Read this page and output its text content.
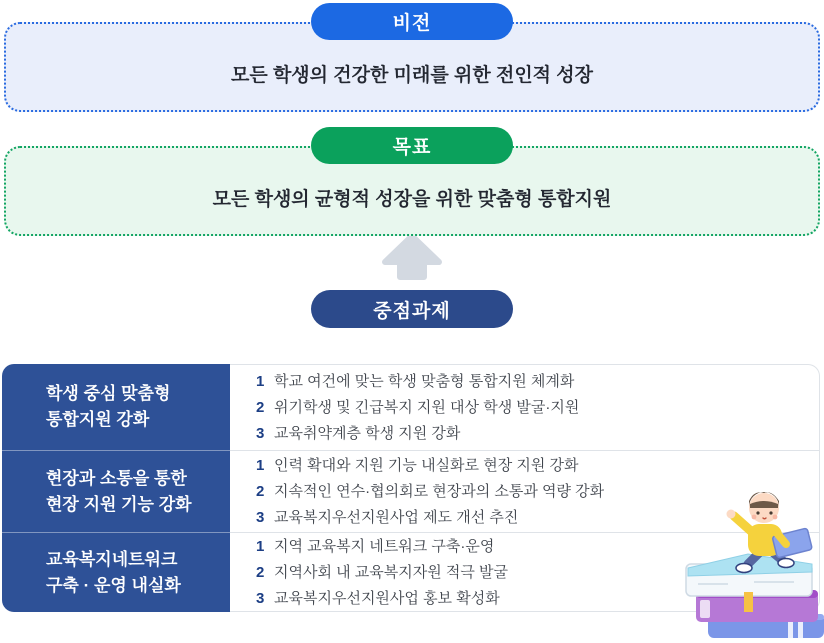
비전
모든 학생의 건강한 미래를 위한 전인적 성장
목표
모든 학생의 균형적 성장을 위한 맞춤형 통합지원
중점과제
학생 중심 맞춤형
통합지원 강화
1 학교 여건에 맞는 학생 맞춤형 통합지원 체계화
2 위기학생 및 긴급복지 지원 대상 학생 발굴·지원
3 교육취약계층 학생 지원 강화
현장과 소통을 통한
현장 지원 기능 강화
1 인력 확대와 지원 기능 내실화로 현장 지원 강화
2 지속적인 연수·협의회로 현장과의 소통과 역량 강화
3 교육복지우선지원사업 제도 개선 추진
교육복지네트워크
구축 · 운영 내실화
1 지역 교육복지 네트워크 구축·운영
2 지역사회 내 교육복지자원 적극 발굴
3 교육복지우선지원사업 홍보 확성화
